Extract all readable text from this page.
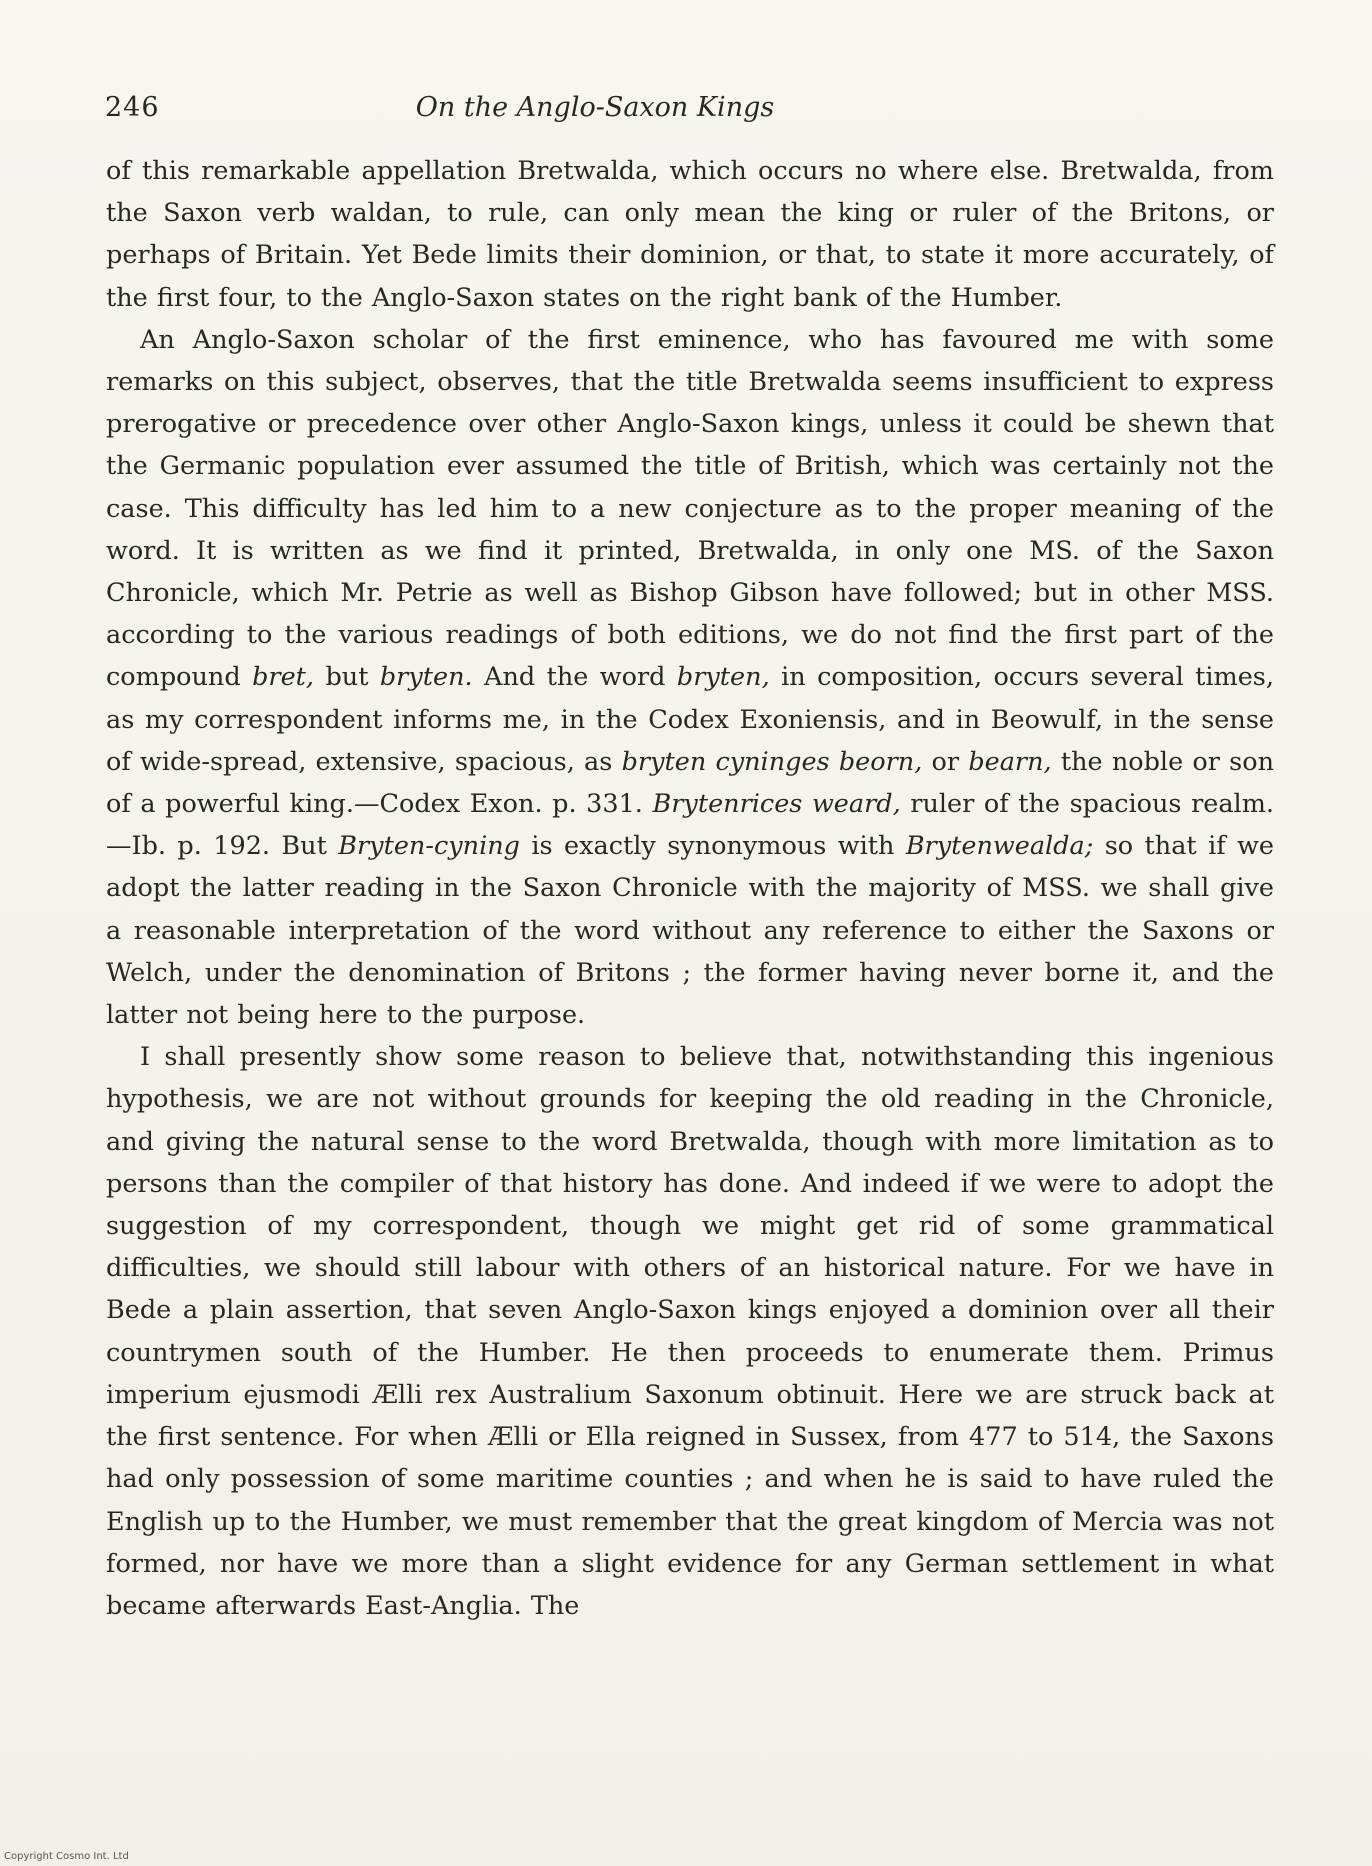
246	On the Anglo-Saxon Kings

of this remarkable appellation Bretwalda, which occurs no where else. Bretwalda, from the Saxon verb waldan, to rule, can only mean the king or ruler of the Britons, or perhaps of Britain. Yet Bede limits their dominion, or that, to state it more accurately, of the first four, to the Anglo-Saxon states on the right bank of the Humber.

An Anglo-Saxon scholar of the first eminence, who has favoured me with some remarks on this subject, observes, that the title Bretwalda seems insufficient to express prerogative or precedence over other Anglo-Saxon kings, unless it could be shewn that the Germanic population ever assumed the title of British, which was certainly not the case. This difficulty has led him to a new conjecture as to the proper meaning of the word. It is written as we find it printed, Bretwalda, in only one MS. of the Saxon Chronicle, which Mr. Petrie as well as Bishop Gibson have followed; but in other MSS. according to the various readings of both editions, we do not find the first part of the compound bret, but bryten. And the word bryten, in composition, occurs several times, as my correspondent informs me, in the Codex Exoniensis, and in Beowulf, in the sense of wide-spread, extensive, spacious, as bryten cyninges beorn, or bearn, the noble or son of a powerful king.—Codex Exon. p. 331. Brytenrices weard, ruler of the spacious realm.—Ib. p. 192. But Bryten-cyning is exactly synonymous with Brytenwealda; so that if we adopt the latter reading in the Saxon Chronicle with the majority of MSS. we shall give a reasonable interpretation of the word without any reference to either the Saxons or Welch, under the denomination of Britons ; the former having never borne it, and the latter not being here to the purpose.

I shall presently show some reason to believe that, notwithstanding this ingenious hypothesis, we are not without grounds for keeping the old reading in the Chronicle, and giving the natural sense to the word Bretwalda, though with more limitation as to persons than the compiler of that history has done. And indeed if we were to adopt the suggestion of my correspondent, though we might get rid of some grammatical difficulties, we should still labour with others of an historical nature. For we have in Bede a plain assertion, that seven Anglo-Saxon kings enjoyed a dominion over all their countrymen south of the Humber. He then proceeds to enumerate them. Primus imperium ejusmodi Ælli rex Australium Saxonum obtinuit. Here we are struck back at the first sentence. For when Ælli or Ella reigned in Sussex, from 477 to 514, the Saxons had only possession of some maritime counties ; and when he is said to have ruled the English up to the Humber, we must remember that the great kingdom of Mercia was not formed, nor have we more than a slight evidence for any German settlement in what became afterwards East-Anglia. The

Copyright Cosmo Int. Ltd
